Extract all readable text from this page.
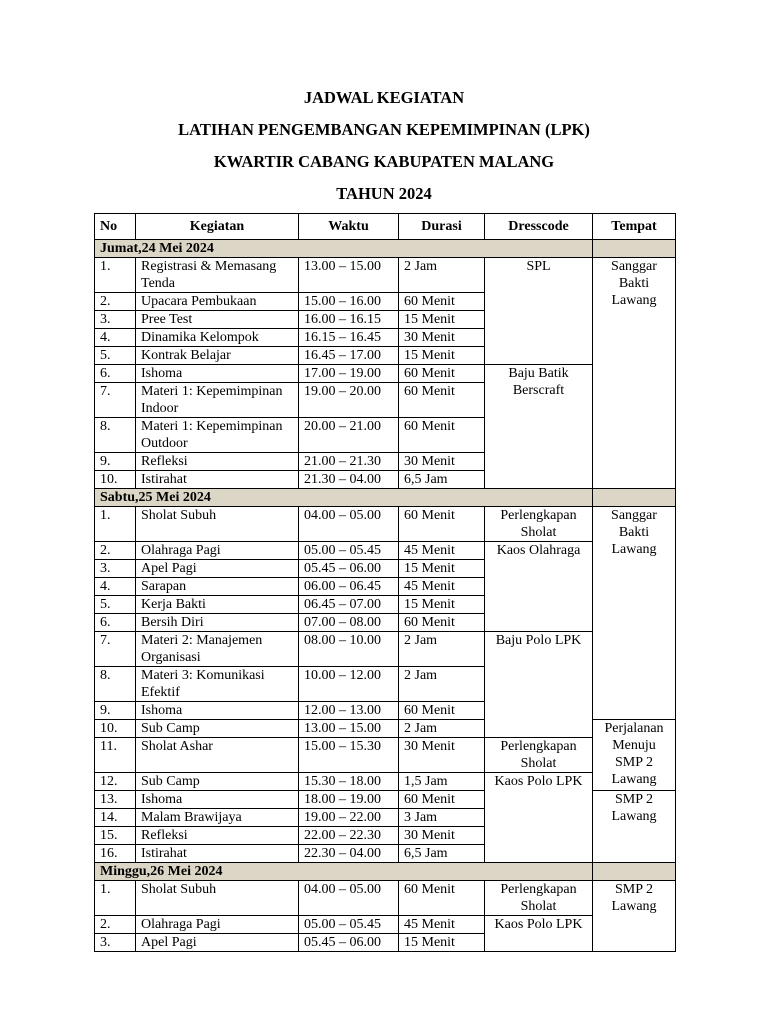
JADWAL KEGIATAN
LATIHAN PENGEMBANGAN KEPEMIMPINAN (LPK)
KWARTIR CABANG KABUPATEN MALANG
TAHUN 2024
No	Kegiatan	Waktu	Durasi	Dresscode	Tempat
Jumat,24 Mei 2024					
1.	Registrasi & Memasang Tenda	13.00 – 15.00	2 Jam	SPL	Sanggar Bakti Lawang
2.	Upacara Pembukaan	15.00 – 16.00	60 Menit		
3.	Pree Test	16.00 – 16.15	15 Menit		
4.	Dinamika Kelompok	16.15 – 16.45	30 Menit		
5.	Kontrak Belajar	16.45 – 17.00	15 Menit		
6.	Ishoma	17.00 – 19.00	60 Menit	Baju Batik Berscraft	
7.	Materi 1: Kepemimpinan Indoor	19.00 – 20.00	60 Menit		
8.	Materi 1: Kepemimpinan Outdoor	20.00 – 21.00	60 Menit		
9.	Refleksi	21.00 – 21.30	30 Menit		
10.	Istirahat	21.30 – 04.00	6,5 Jam		
Sabtu,25 Mei 2024					
1.	Sholat Subuh	04.00 – 05.00	60 Menit	Perlengkapan Sholat	Sanggar Bakti Lawang
2.	Olahraga Pagi	05.00 – 05.45	45 Menit	Kaos Olahraga	
3.	Apel Pagi	05.45 – 06.00	15 Menit		
4.	Sarapan	06.00 – 06.45	45 Menit		
5.	Kerja Bakti	06.45 – 07.00	15 Menit		
6.	Bersih Diri	07.00 – 08.00	60 Menit		
7.	Materi 2: Manajemen Organisasi	08.00 – 10.00	2 Jam	Baju Polo LPK	
8.	Materi 3: Komunikasi Efektif	10.00 – 12.00	2 Jam		
9.	Ishoma	12.00 – 13.00	60 Menit		
10.	Sub Camp	13.00 – 15.00	2 Jam		Perjalanan Menuju SMP 2 Lawang
11.	Sholat Ashar	15.00 – 15.30	30 Menit	Perlengkapan Sholat	
12.	Sub Camp	15.30 – 18.00	1,5 Jam	Kaos Polo LPK	
13.	Ishoma	18.00 – 19.00	60 Menit		SMP 2 Lawang
14.	Malam Brawijaya	19.00 – 22.00	3 Jam		
15.	Refleksi	22.00 – 22.30	30 Menit		
16.	Istirahat	22.30 – 04.00	6,5 Jam		
Minggu,26 Mei 2024					
1.	Sholat Subuh	04.00 – 05.00	60 Menit	Perlengkapan Sholat	SMP 2 Lawang
2.	Olahraga Pagi	05.00 – 05.45	45 Menit	Kaos Polo LPK	
3.	Apel Pagi	05.45 – 06.00	15 Menit		
